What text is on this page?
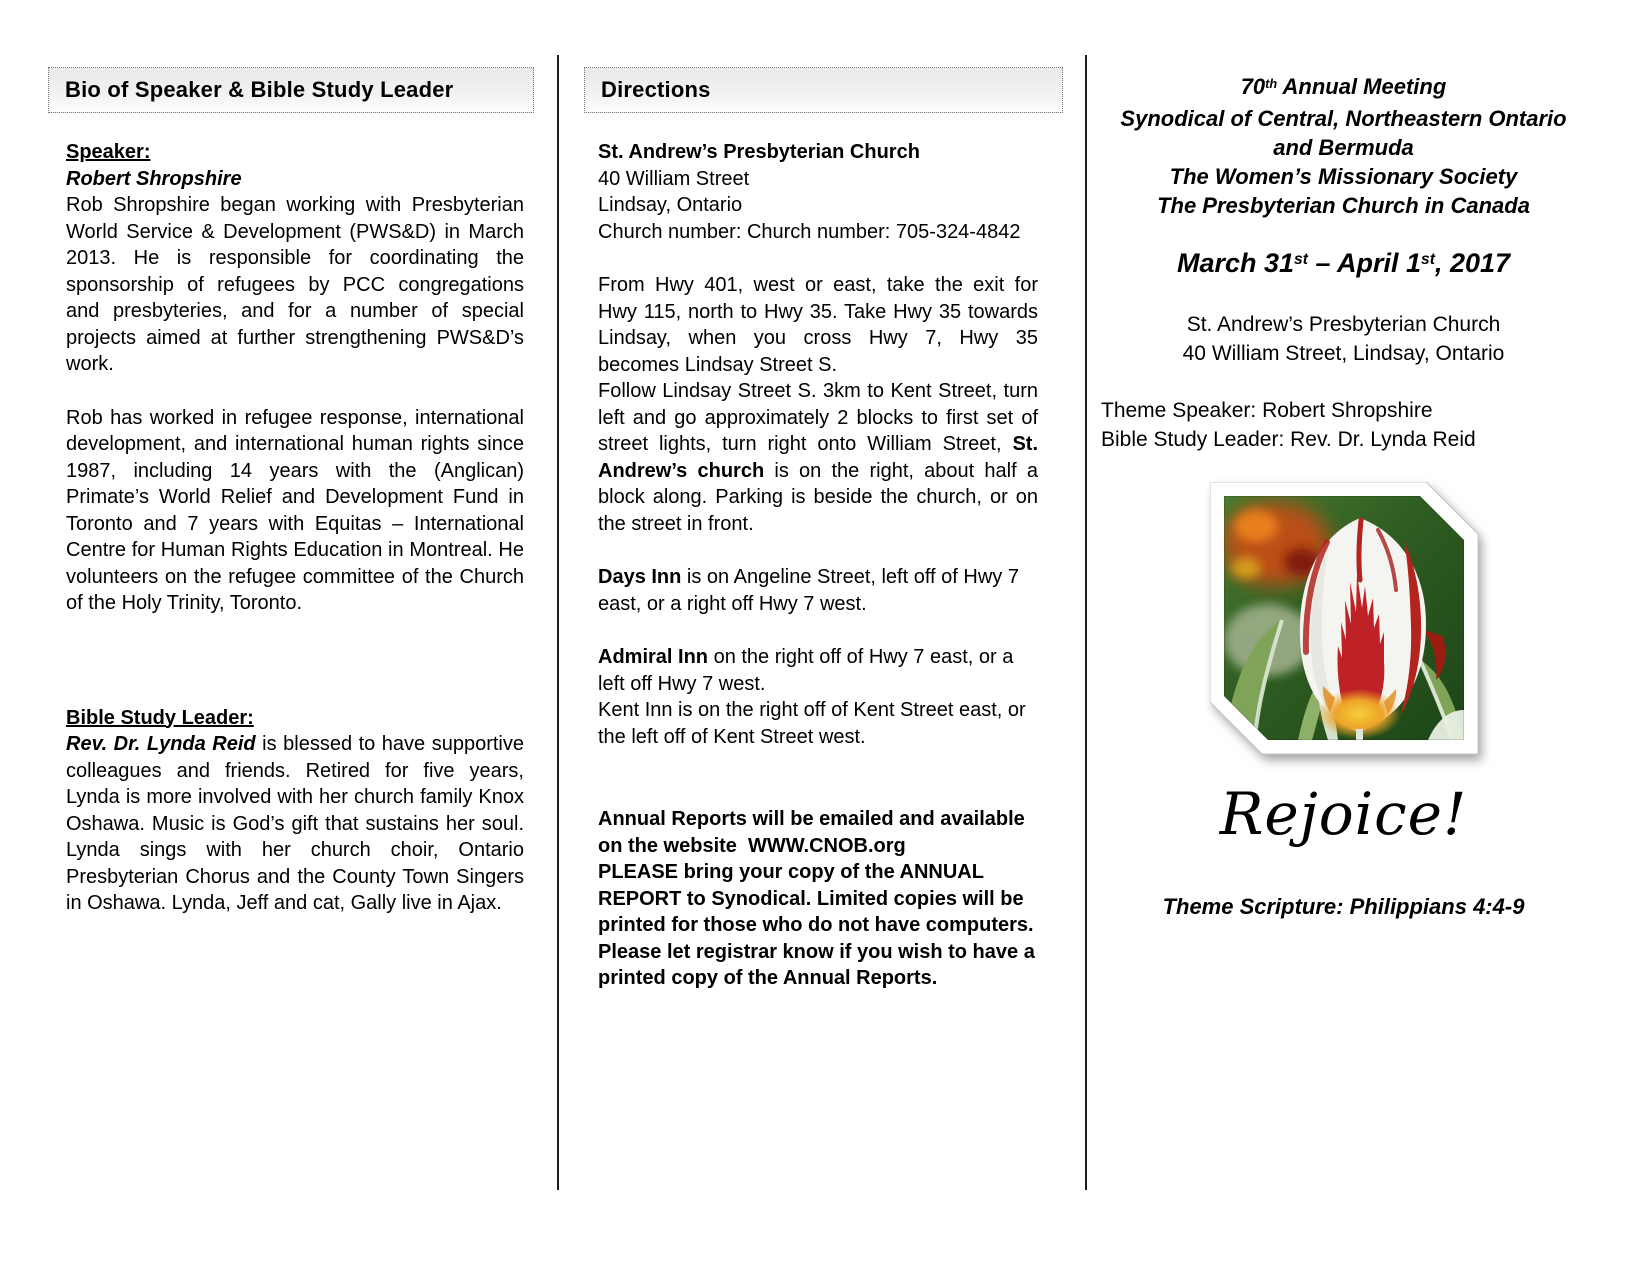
Bio of Speaker & Bible Study Leader

Speaker:

Robert Shropshire

Rob Shropshire began working with Presbyterian World Service & Development (PWS&D) in March 2013. He is responsible for coordinating the sponsorship of refugees by PCC congregations and presbyteries, and for a number of special projects aimed at further strengthening PWS&D’s work.

Rob has worked in refugee response, international development, and international human rights since 1987, including 14 years with the (Anglican) Primate’s World Relief and Development Fund in Toronto and 7 years with Equitas – International Centre for Human Rights Education in Montreal. He volunteers on the refugee committee of the Church of the Holy Trinity, Toronto.

Bible Study Leader:

Rev. Dr. Lynda Reid is blessed to have supportive colleagues and friends. Retired for five years, Lynda is more involved with her church family Knox Oshawa. Music is God’s gift that sustains her soul. Lynda sings with her church choir, Ontario Presbyterian Chorus and the County Town Singers in Oshawa. Lynda, Jeff and cat, Gally live in Ajax.

Directions
St. Andrew’s Presbyterian Church
40 William Street
Lindsay, Ontario
Church number: Church number: 705-324-4842

From Hwy 401, west or east, take the exit for Hwy 115, north to Hwy 35. Take Hwy 35 towards Lindsay, when you cross Hwy 7, Hwy 35 becomes Lindsay Street S.

Follow Lindsay Street S. 3km to Kent Street, turn left and go approximately 2 blocks to first set of street lights, turn right onto William Street, St. Andrew’s church is on the right, about half a block along. Parking is beside the church, or on the street in front.

Days Inn is on Angeline Street, left off of Hwy 7 east, or a right off Hwy 7 west.

Admiral Inn on the right off of Hwy 7 east, or a left off Hwy 7 west.

Kent Inn is on the right off of Kent Street east, or the left off of Kent Street west.

Annual Reports will be emailed and available on the website  WWW.CNOB.org
PLEASE bring your copy of the ANNUAL REPORT to Synodical. Limited copies will be printed for those who do not have computers. Please let registrar know if you wish to have a printed copy of the Annual Reports.

70th Annual Meeting
Synodical of Central, Northeastern Ontario
and Bermuda
The Women’s Missionary Society
The Presbyterian Church in Canada
March 31st – April 1st, 2017
St. Andrew’s Presbyterian Church
40 William Street, Lindsay, Ontario
Theme Speaker: Robert Shropshire
Bible Study Leader: Rev. Dr. Lynda Reid
Rejoice!
Theme Scripture: Philippians 4:4-9
